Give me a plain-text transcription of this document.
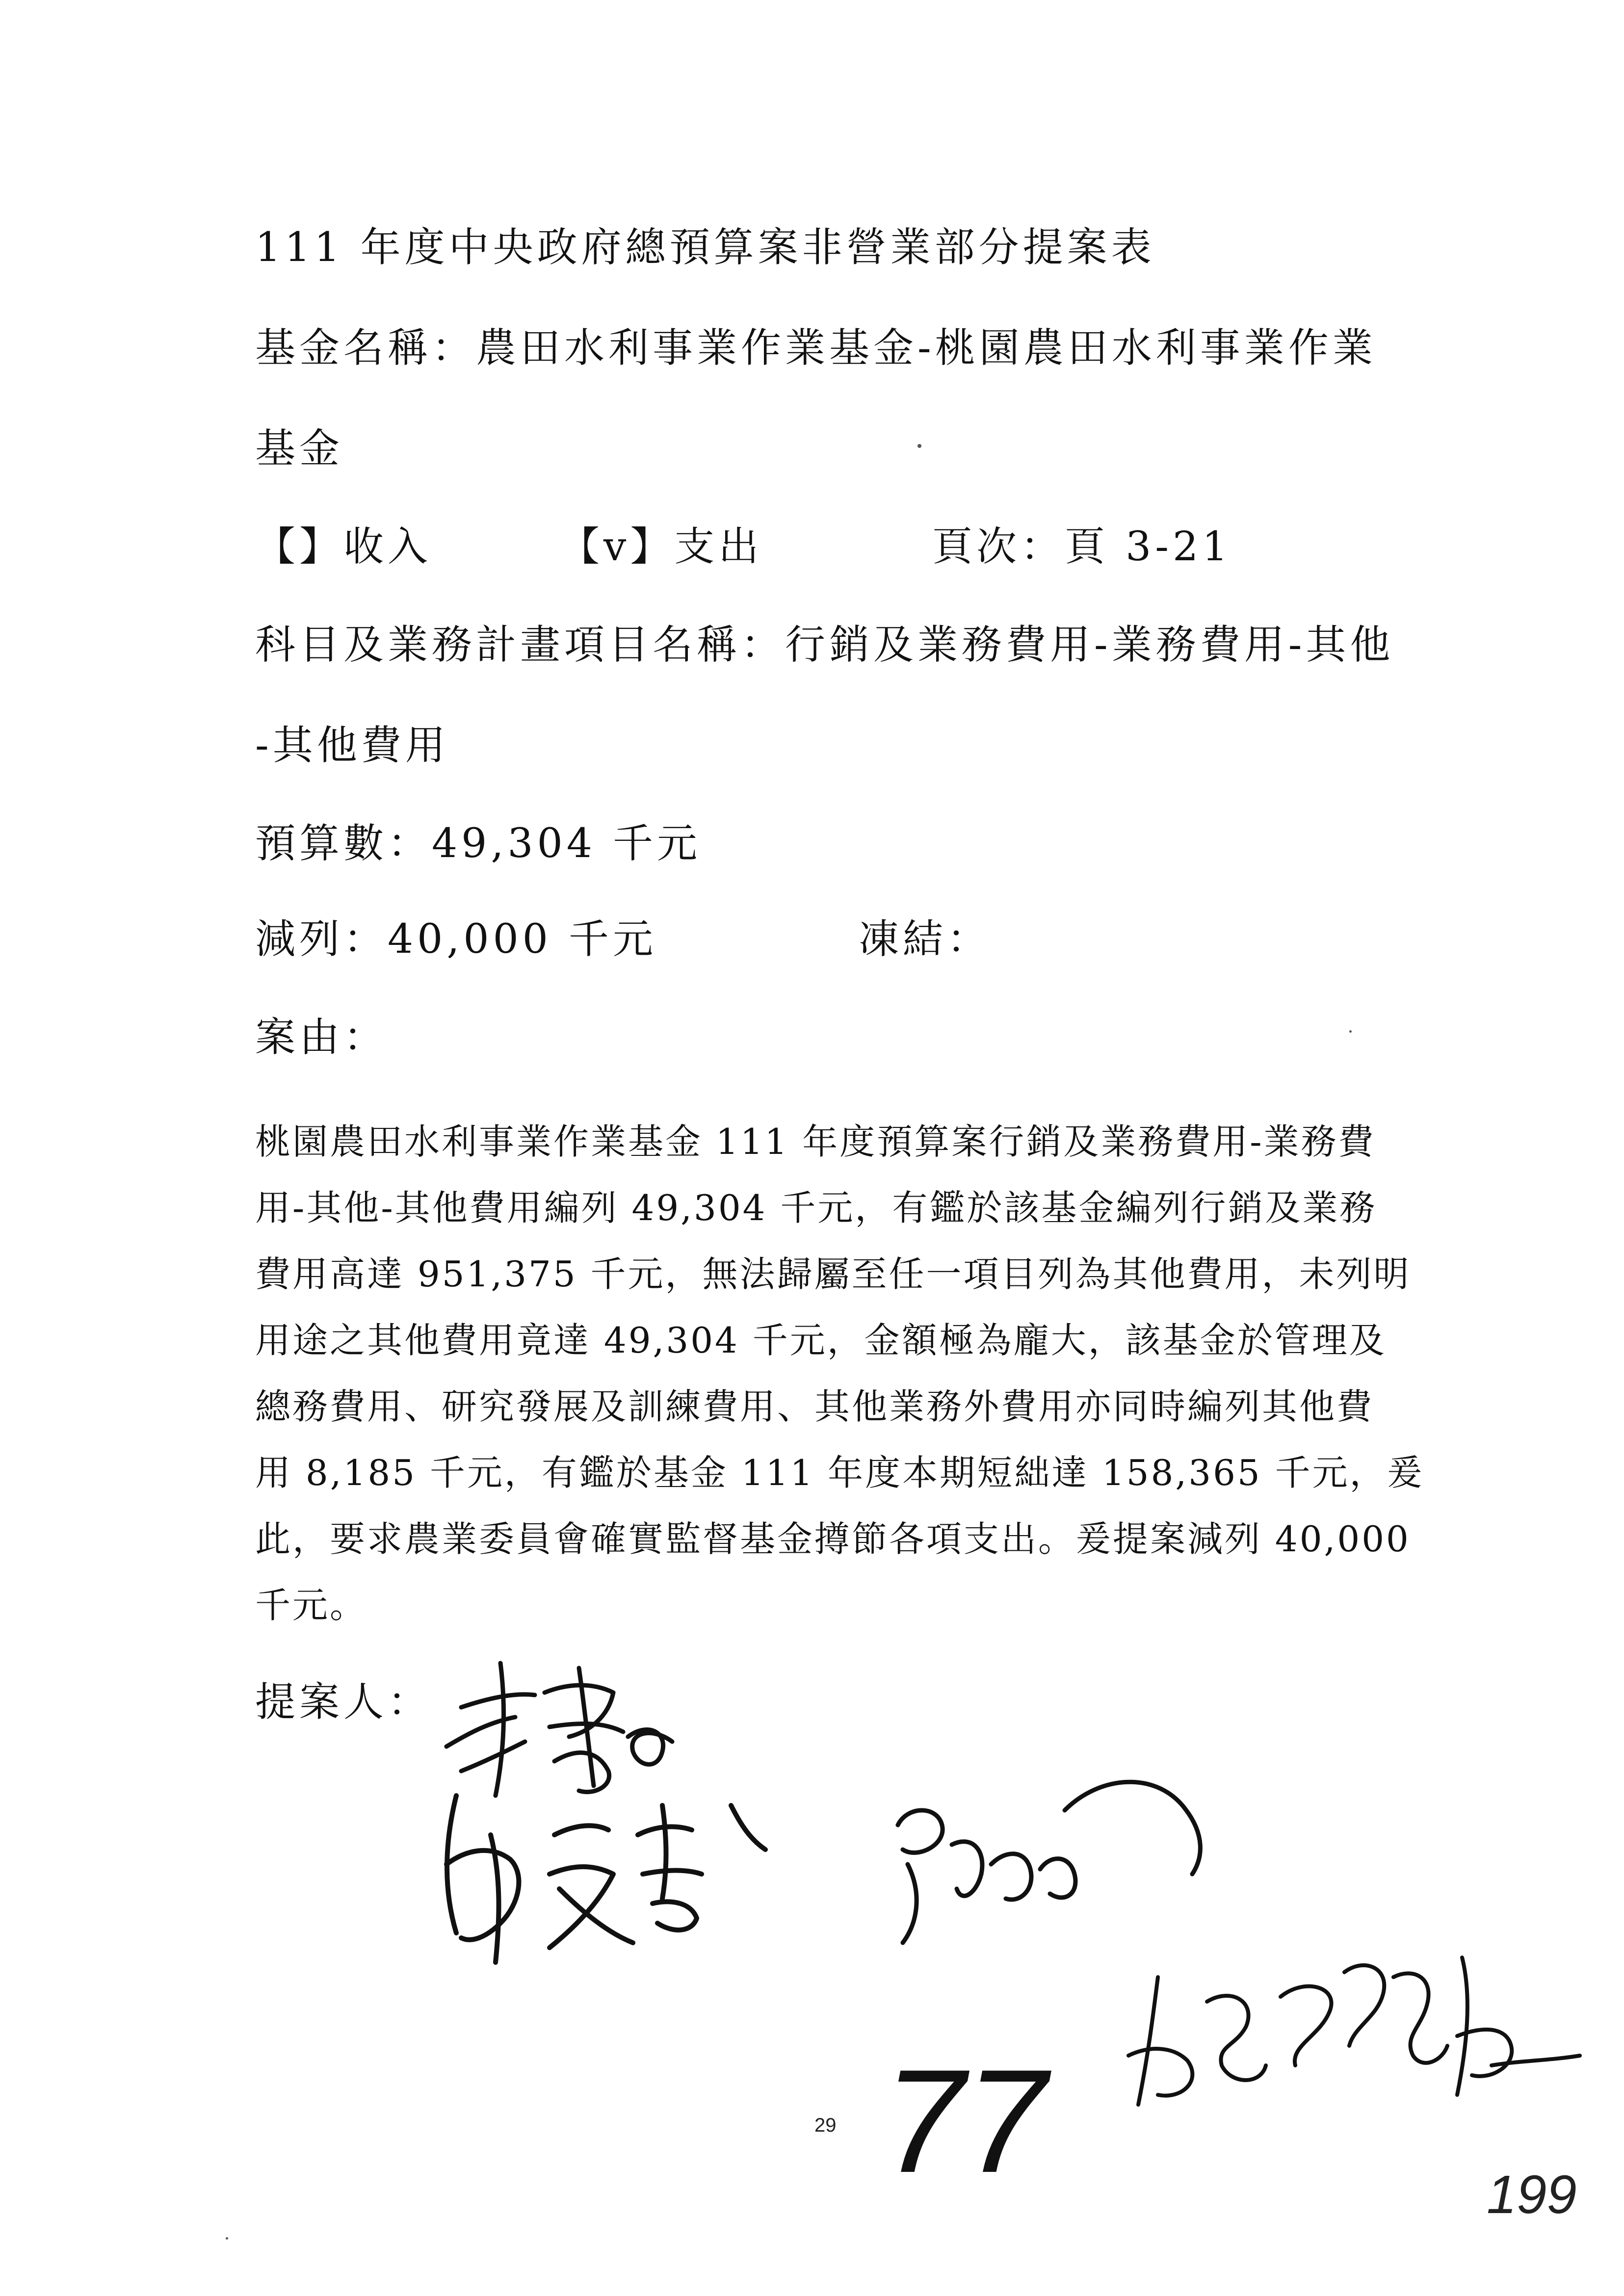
111 年度中央政府總預算案非營業部分提案表
基金名稱：農田水利事業作業基金-桃園農田水利事業作業
基金
【】收入	【v】支出	頁次：頁 3-21
科目及業務計畫項目名稱：行銷及業務費用-業務費用-其他
-其他費用
預算數：49,304 千元
減列：40,000 千元	凍結：
案由：
桃園農田水利事業作業基金 111 年度預算案行銷及業務費用-業務費
用-其他-其他費用編列 49,304 千元，有鑑於該基金編列行銷及業務
費用高達 951,375 千元，無法歸屬至任一項目列為其他費用，未列明
用途之其他費用竟達 49,304 千元，金額極為龐大，該基金於管理及
總務費用、研究發展及訓練費用、其他業務外費用亦同時編列其他費
用 8,185 千元，有鑑於基金 111 年度本期短絀達 158,365 千元，爰
此，要求農業委員會確實監督基金撙節各項支出。爰提案減列 40,000
千元。
提案人：
29 77	199
